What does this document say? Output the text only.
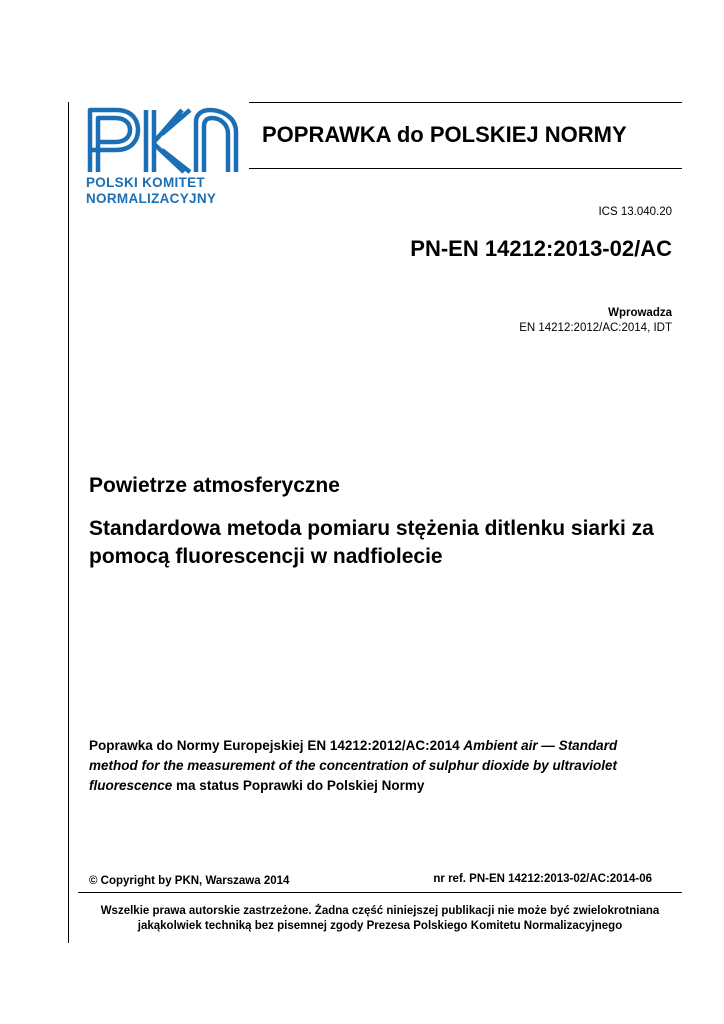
POLSKI KOMITET
NORMALIZACYJNY
POPRAWKA do POLSKIEJ NORMY
ICS 13.040.20
PN-EN 14212:2013-02/AC
Wprowadza
EN 14212:2012/AC:2014, IDT
Powietrze atmosferyczne
Standardowa metoda pomiaru stężenia ditlenku siarki za pomocą fluorescencji w nadfiolecie
Poprawka do Normy Europejskiej EN 14212:2012/AC:2014 Ambient air — Standard method for the measurement of the concentration of sulphur dioxide by ultraviolet fluorescence ma status Poprawki do Polskiej Normy
© Copyright by PKN, Warszawa 2014	nr ref. PN-EN 14212:2013-02/AC:2014-06
Wszelkie prawa autorskie zastrzeżone. Żadna część niniejszej publikacji nie może być zwielokrotniana jakąkolwiek techniką bez pisemnej zgody Prezesa Polskiego Komitetu Normalizacyjnego
